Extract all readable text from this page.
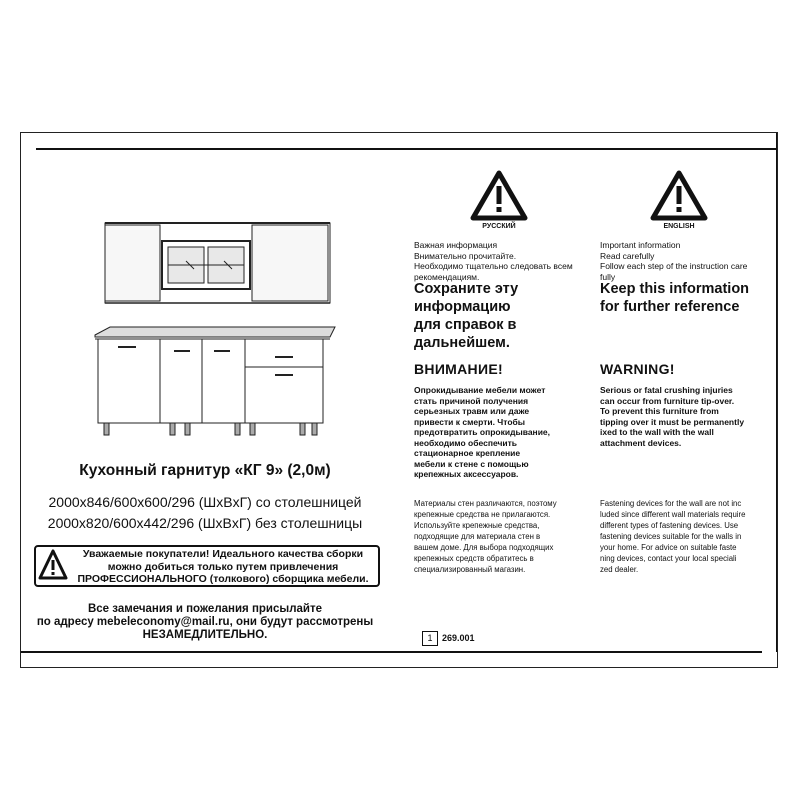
Кухонный гарнитур «КГ 9» (2,0м)
2000x846/600x600/296 (ШxВxГ) со столешницей
2000x820/600x442/296 (ШxВxГ) без столешницы
Уважаемые покупатели! Идеального качества сборки
можно добиться только путем привлечения
ПРОФЕССИОНАЛЬНОГО (толкового) сборщика мебели.
Все замечания и пожелания присылайте
по адресу mebeleconomy@mail.ru, они будут рассмотрены
НЕЗАМЕДЛИТЕЛЬНО.
РУССКИЙ
Важная информация
Внимательно прочитайте.
Необходимо тщательно следовать всем
рекомендациям.
Сохраните эту
информацию
для справок в
дальнейшем.
ВНИМАНИЕ!
Опрокидывание мебели может
стать причиной получения
серьезных травм или даже
привести к смерти. Чтобы
предотвратить опрокидывание,
необходимо обеспечить
стационарное крепление
мебели к стене с помощью
крепежных аксессуаров.
Материалы стен различаются, поэтому
крепежные средства не прилагаются.
Используйте крепежные средства,
подходящие для материала стен в
вашем доме. Для выбора подходящих
крепежных средств обратитесь в
специализированный магазин.
ENGLISH
Important information
Read carefully
Follow each step of the instruction care
fully
Keep this information
for further reference
WARNING!
Serious or fatal crushing injuries
can occur from furniture tip-over.
To prevent this furniture from
tipping over it must be permanently
ixed to the wall with the wall
attachment devices.
Fastening devices for the wall are not inc
luded since different wall materials require
different types of fastening devices. Use
fastening devices suitable for the walls in
your home. For advice on suitable faste
ning devices, contact your local speciali
zed dealer.
1	269.001
